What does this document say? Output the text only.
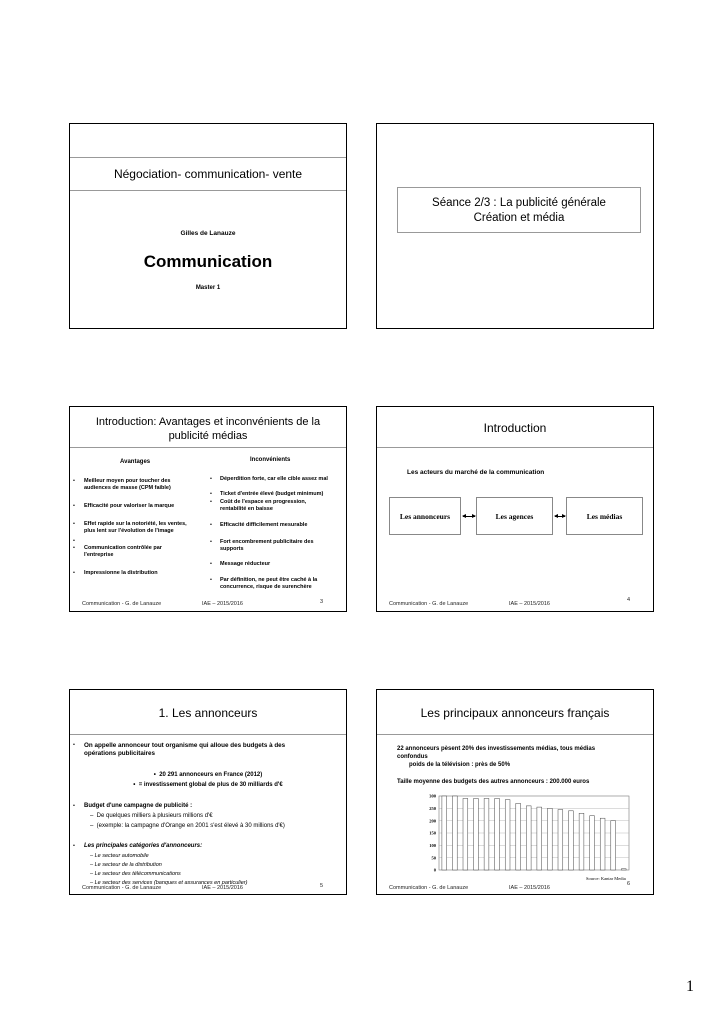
Négociation- communication- vente
Gilles de Lanauze
Communication
Master 1
Séance 2/3 : La publicité générale
Création et média
Introduction: Avantages et inconvénients de la
publicité médias
Avantages	Inconvénients
Communication - G. de Lanauze	IAE – 2015/2016	3
• Meilleur moyen pour toucher des
audiences de masse (CPM faible)
• Efficacité pour valoriser la marque
• Effet rapide sur la notoriété, les ventes,
plus lent sur l'évolution de l'image
•
• Communication contrôlée par
l'entreprise
• Impressionne la distribution
• Déperdition forte, car elle cible assez mal
• Ticket d'entrée élevé (budget minimum)
• Coût de l'espace en progression,
rentabilité en baisse
• Efficacité difficilement mesurable
• Fort encombrement publicitaire des
supports
• Message réducteur
• Par définition, ne peut être caché à la
concurrence, risque de surenchère
Introduction
Les acteurs du marché de la communication
Les annonceurs	Les agences	Les médias
Communication - G. de Lanauze	IAE – 2015/2016
4
1. Les annonceurs
• On appelle annonceur tout organisme qui alloue des budgets à des
opérations publicitaires
•  20 291 annonceurs en France (2012)
•  = investissement global de plus de 30 milliards d'€
• Budget d'une campagne de publicité :
–  De quelques milliers à plusieurs millions d'€
–  (exemple: la campagne d'Orange en 2001 s'est élevé à 30 millions d'€)
• Les principales catégories d'annonceurs:
Communication - G. de Lanauze	IAE – 2015/2016	5
– Le secteur automobile
– Le secteur de la distribution
– Le secteur des télécommunications
– Le secteur des services (banques et assurances en particulier)
Les principaux annonceurs français
22 annonceurs pèsent 20% des investissements médias, tous médias
confondus
poids de la télévision : près de 50%
Taille moyenne des budgets des autres annonceurs : 200.000 euros
0
50
100
150
200
250
300
Source: Kantar Media
Communication - G. de Lanauze	IAE – 2015/2016
6
1
